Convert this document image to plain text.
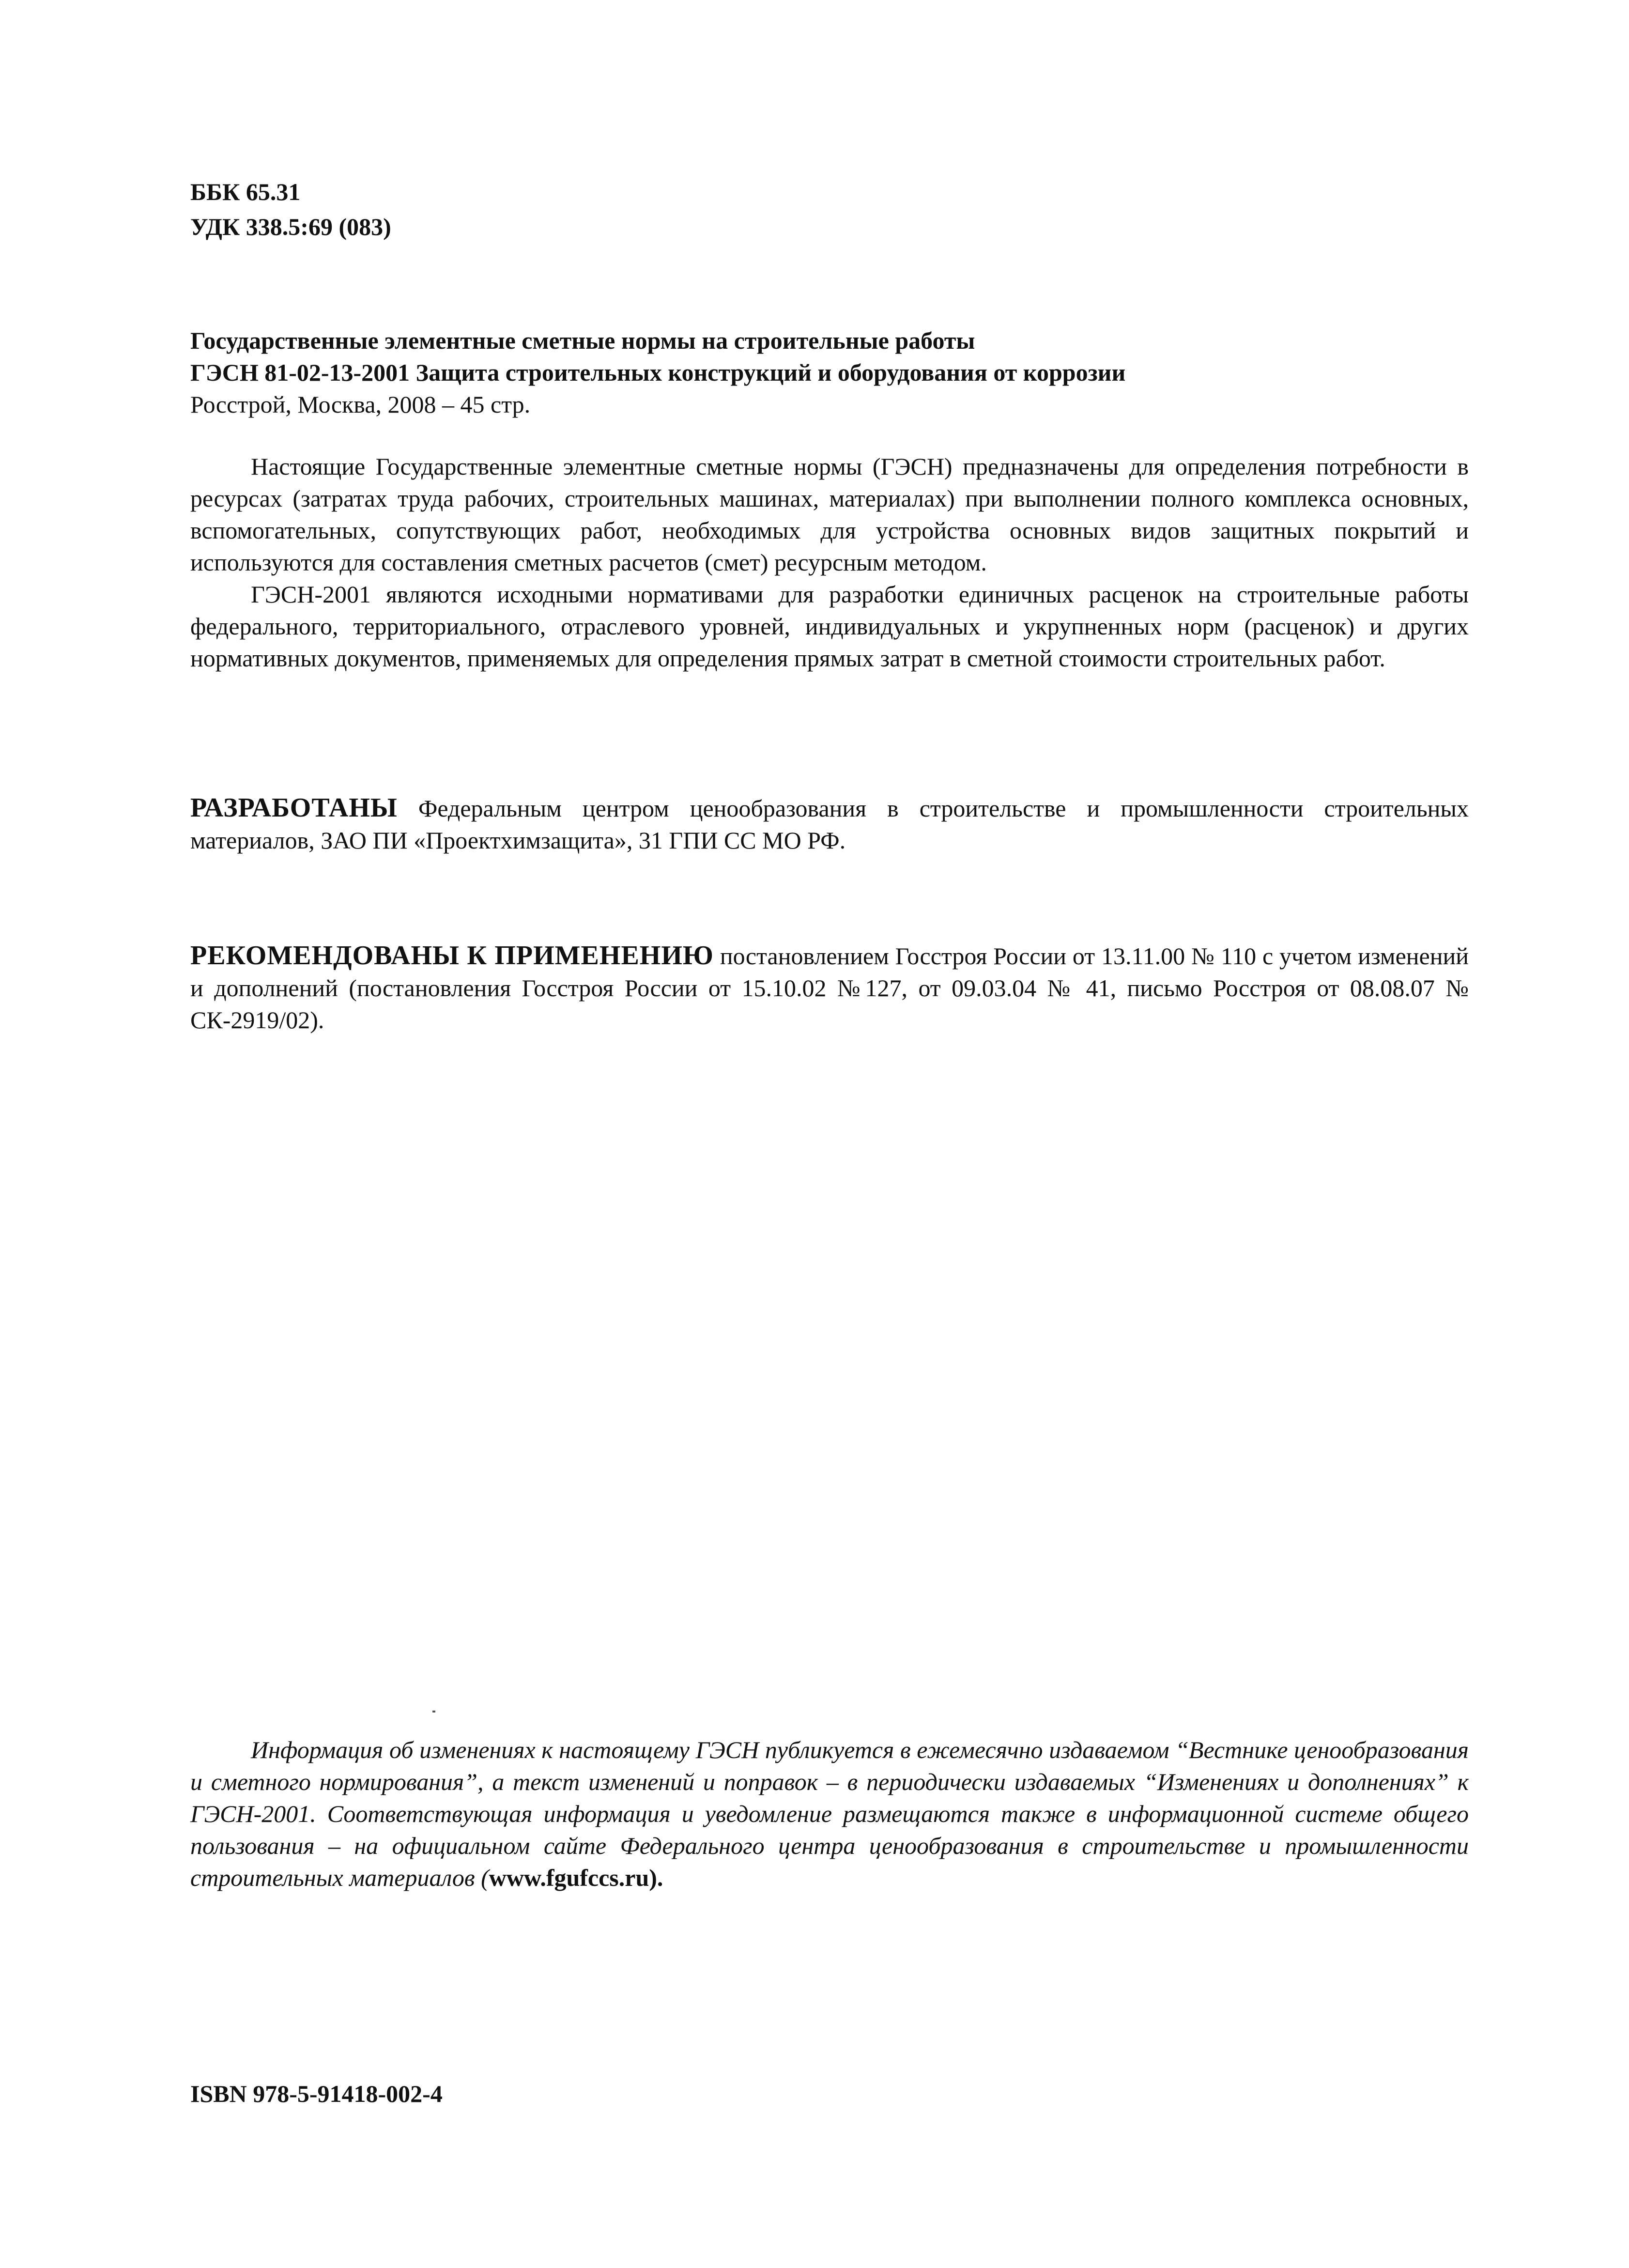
ББК 65.31
УДК 338.5:69 (083)
Государственные элементные сметные нормы на строительные работы
ГЭСН 81-02-13-2001 Защита строительных конструкций и оборудования от коррозии
Росстрой, Москва, 2008 – 45 стр.

Настоящие Государственные элементные сметные нормы (ГЭСН) предназначены для определения потребности в ресурсах (затратах труда рабочих, строительных машинах, материалах) при выполнении полного комплекса основных, вспомогательных, сопутствующих работ, необходимых для устройства основных видов защитных покрытий и используются для составления сметных расчетов (смет) ресурсным методом.

ГЭСН-2001 являются исходными нормативами для разработки единичных расценок на строительные работы федерального, территориального, отраслевого уровней, индивидуальных и укрупненных норм (расценок) и других нормативных документов, применяемых для определения прямых затрат в сметной стоимости строительных работ.

РАЗРАБОТАНЫ Федеральным центром ценообразования в строительстве и промышленности строительных материалов, ЗАО ПИ «Проектхимзащита», 31 ГПИ СС МО РФ.
РЕКОМЕНДОВАНЫ К ПРИМЕНЕНИЮ постановлением Госстроя России от 13.11.00 № 110 с учетом изменений и дополнений (постановления Госстроя России от 15.10.02 №127, от 09.03.04 № 41, письмо Росстроя от 08.08.07 № СК-2919/02).
Информация об изменениях к настоящему ГЭСН публикуется в ежемесячно издаваемом “Вестнике ценообразования и сметного нормирования”, а текст изменений и поправок – в периодически издаваемых “Изменениях и дополнениях” к ГЭСН-2001. Соответствующая информация и уведомление размещаются также в информационной системе общего пользования – на официальном сайте Федерального центра ценообразования в строительстве и промышленности строительных материалов (www.fgufccs.ru).
ISBN 978-5-91418-002-4
